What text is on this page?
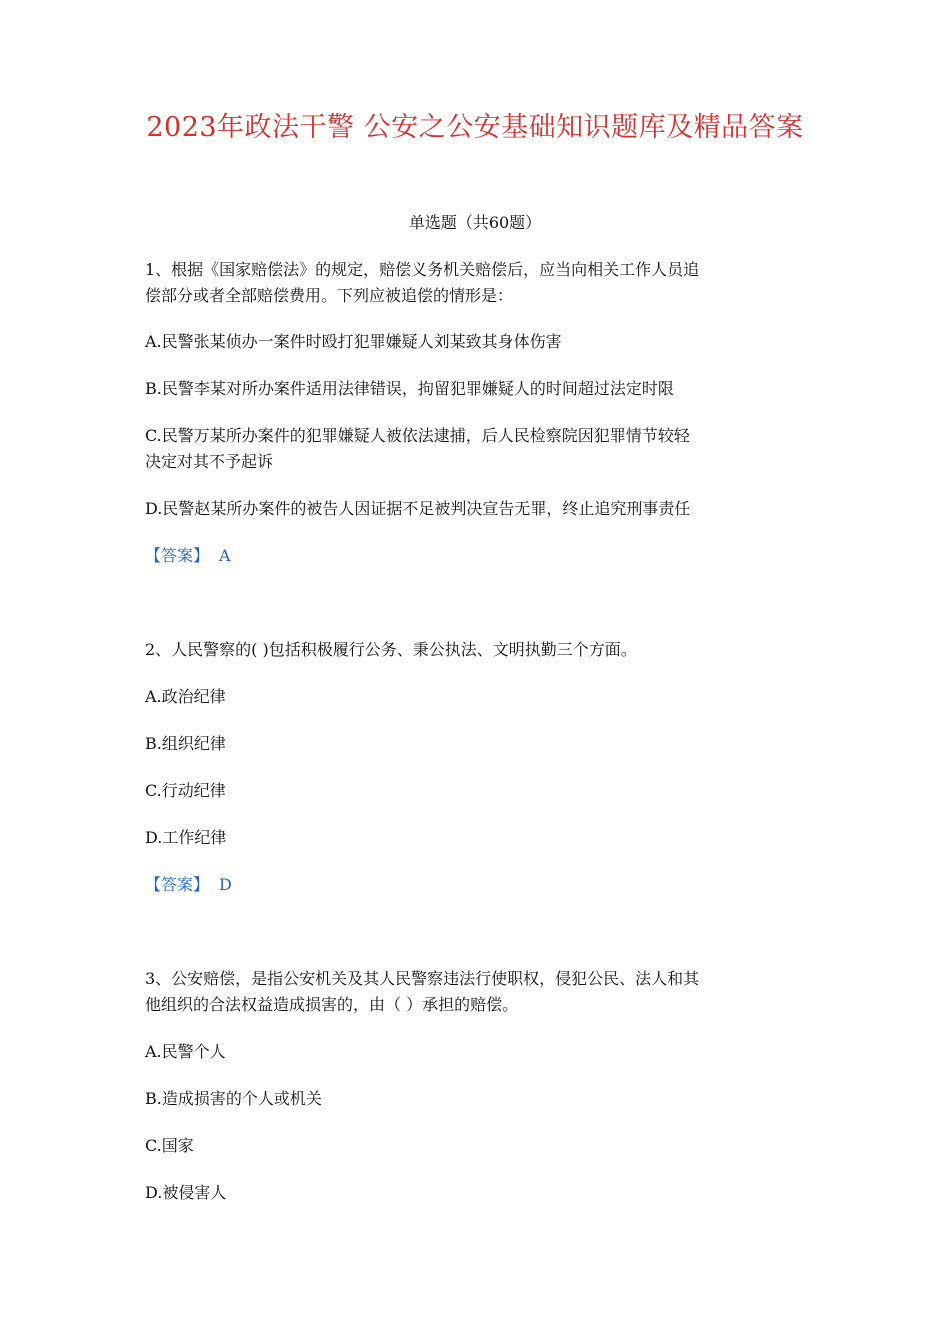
2023年政法干警 公安之公安基础知识题库及精品答案
单选题（共60题）
1、根据《国家赔偿法》的规定，赔偿义务机关赔偿后，应当向相关工作人员追
偿部分或者全部赔偿费用。下列应被追偿的情形是：
A.民警张某侦办一案件时殴打犯罪嫌疑人刘某致其身体伤害
B.民警李某对所办案件适用法律错误，拘留犯罪嫌疑人的时间超过法定时限
C.民警万某所办案件的犯罪嫌疑人被依法逮捕，后人民检察院因犯罪情节较轻
决定对其不予起诉
D.民警赵某所办案件的被告人因证据不足被判决宣告无罪，终止追究刑事责任
【答案】 A
2、人民警察的( )包括积极履行公务、秉公执法、文明执勤三个方面。
A.政治纪律
B.组织纪律
C.行动纪律
D.工作纪律
【答案】 D
3、公安赔偿，是指公安机关及其人民警察违法行使职权，侵犯公民、法人和其
他组织的合法权益造成损害的，由（ ）承担的赔偿。
A.民警个人
B.造成损害的个人或机关
C.国家
D.被侵害人
